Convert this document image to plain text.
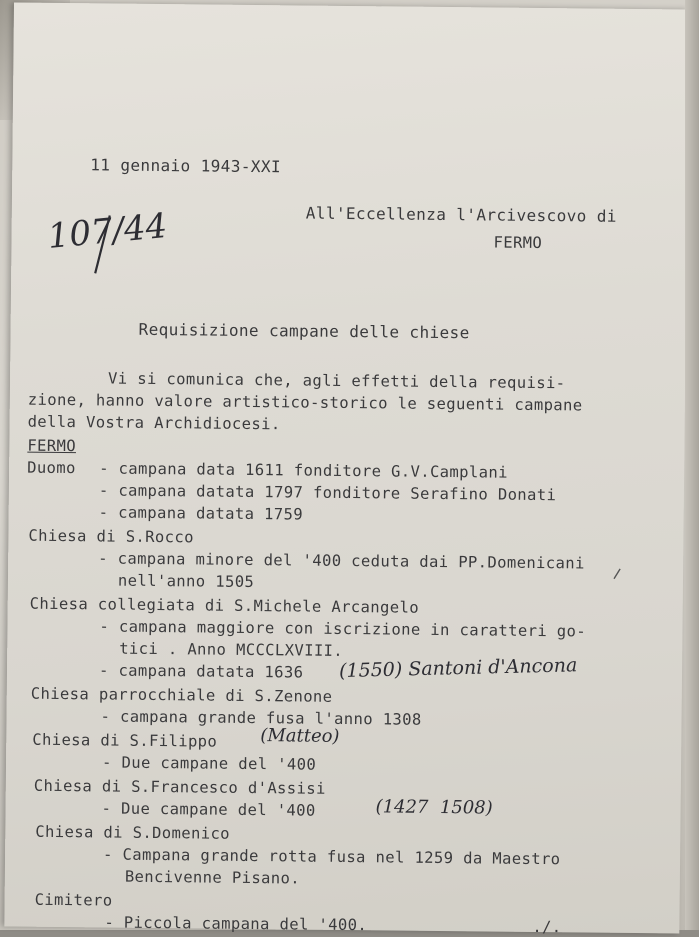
11 gennaio 1943-XXI
107/44	All'Eccellenza l'Arcivescovo di
FERMO
Requisizione campane delle chiese
Vi si comunica che, agli effetti della requisi-
zione, hanno valore artistico-storico le seguenti campane
della Vostra Archidiocesi.
FERMO
Duomo - campana data 1611 fonditore G.V.Camplani
- campana datata 1797 fonditore Serafino Donati
- campana datata 1759
Chiesa di S.Rocco
- campana minore del '400 ceduta dai PP.Domenicani
nell'anno 1505
Chiesa collegiata di S.Michele Arcangelo
- campana maggiore con iscrizione in caratteri go-
tici . Anno MCCCLXVIII.
- campana datata 1636 (1550) Santoni d'Ancona
Chiesa parrocchiale di S.Zenone
- campana grande fusa l'anno 1308
Chiesa di S.Filippo (Matteo)
- Due campane del '400
Chiesa di S.Francesco d'Assisi
- Due campane del '400	(1427  1508)
Chiesa di S.Domenico
- Campana grande rotta fusa nel 1259 da Maestro
Bencivenne Pisano.
Cimitero
- Piccola campana del '400.	./.
